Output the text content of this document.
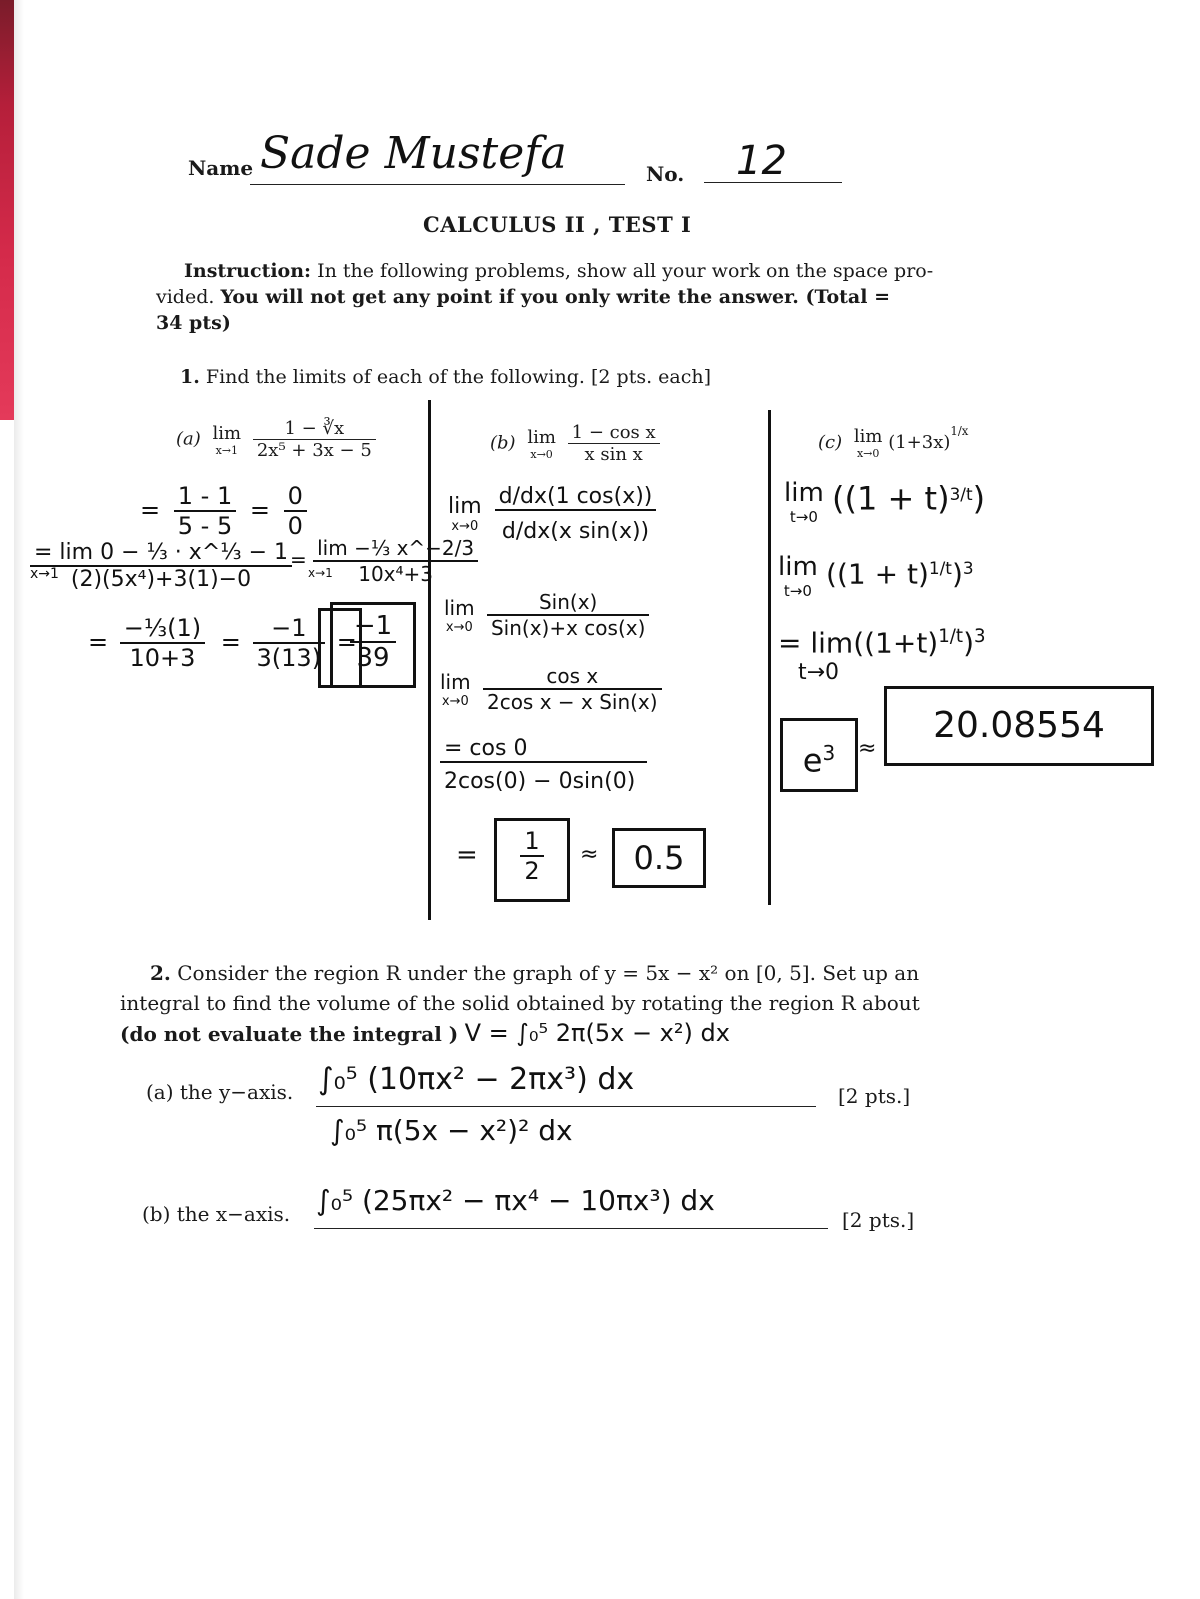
Name Sade Mustefa	No. 12
CALCULUS II , TEST I
Instruction: In the following problems, show all your work on the space pro-
vided. You will not get any point if you only write the answer. (Total =
34 pts)
1. Find the limits of each of the following. [2 pts. each]
(a) lim
x→1
$\frac{1 - ∛x}{\text{2x⁵ + 3x − 5}}$
= $\frac{1 - 1}{5 - 5} = \frac{0}{0}$
$\frac{\text{= lim 0 − ⅓ · x\textasciicircum{}⅓ − 1}}{\text{(2)(5x⁴)+3(1)−0}}$
x→1
= $\frac{\text{lim −⅓ x\textasciicircum{}−2/3}}{\text{10x⁴+3}}$
x→1
= $\frac{\text{−⅓(1)}}{10+3} = \frac{-1}{3(13)}$ =
$\frac{-1}{39}$
(b) lim
x→0
$\frac{\text{1 − cos x}}{\text{x sin x}}$
lim
x→0
$\frac{d/dx(1 \cos(x))}{\text{d/dx(x sin(x))}}$
lim
x→0
$\frac{\text{Sin(x)}}{\text{Sin(x)+x cos(x)}}$
lim
x→0
$\frac{\text{cos x}}{\text{2cos x − x Sin(x)}}$
$\frac{= \cos 0}{2\cos(0) - 0\sin(0)}$
= $\frac{1}{2}$ ≈	0.5
(c) lim
x→0
$(1+3x)^{1/x}$
lim
t→0 $((1 + t)^{3/t})$
lim
t→0
$((1 + t)^{1/t})^3$
= $\lim((1+t)^{1/t})^3$
t→0
$e^3$	≈
20.08554
2. Consider the region R under the graph of y = 5x − x² on [0, 5]. Set up an
integral to find the volume of the solid obtained by rotating the region R about
(do not evaluate the integral ) V = ∫₀⁵ 2π(5x − x²) dx
(a) the y−axis. ∫₀⁵ (10πx² − 2πx³) dx	[2 pts.]
∫₀⁵ π(5x − x²)² dx
(b) the x−axis. ∫₀⁵ (25πx² − πx⁴ − 10πx³) dx
[2 pts.]
